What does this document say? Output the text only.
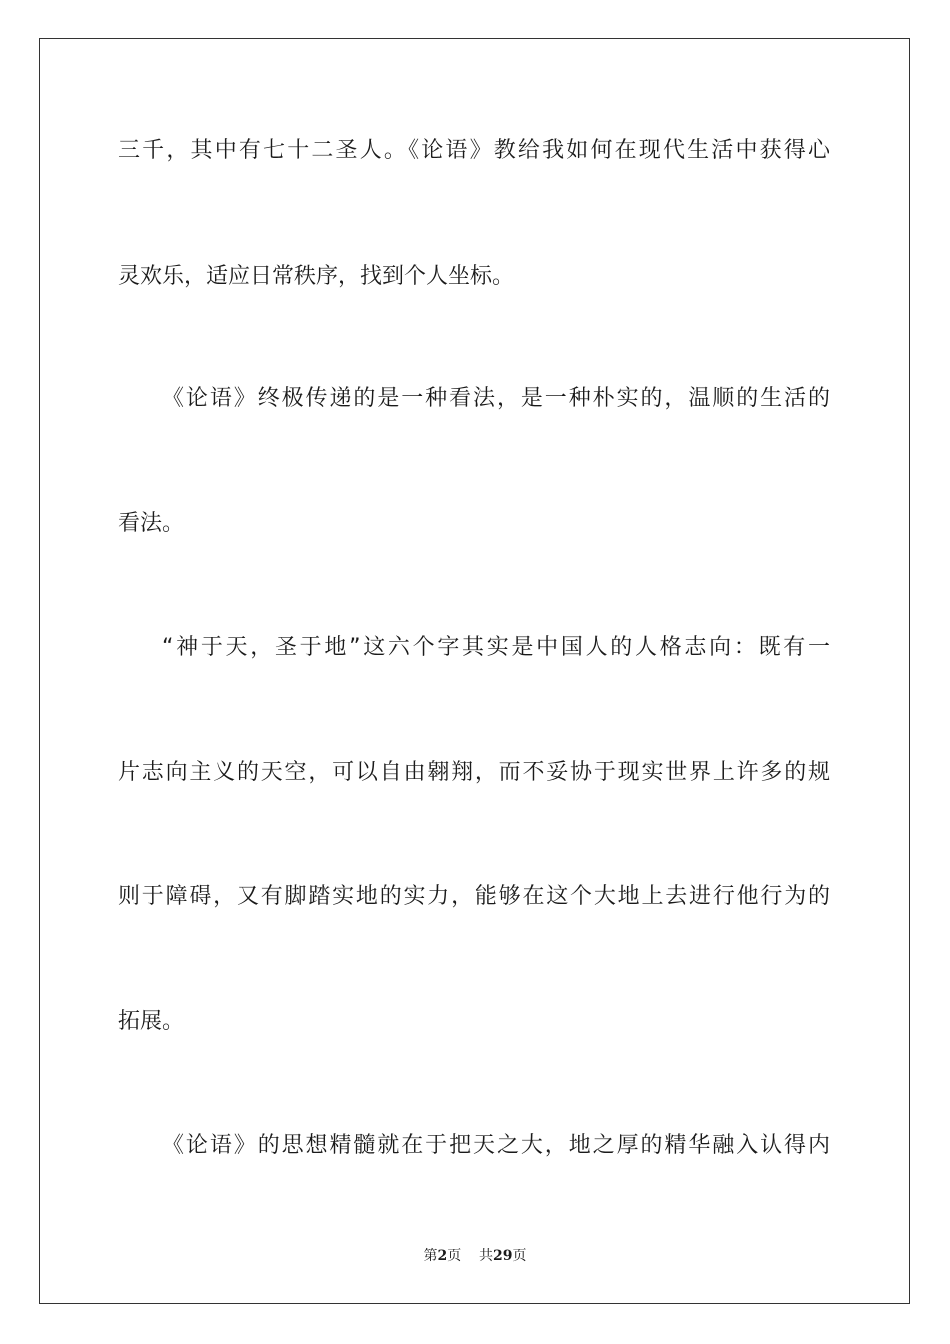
三千，其中有七十二圣人。《论语》教给我如何在现代生活中获得心

灵欢乐，适应日常秩序，找到个人坐标。

《论语》终极传递的是一种看法，是一种朴实的，温顺的生活的

看法。

“神于天，圣于地”这六个字其实是中国人的人格志向：既有一

片志向主义的天空，可以自由翱翔，而不妥协于现实世界上许多的规

则于障碍，又有脚踏实地的实力，能够在这个大地上去进行他行为的

拓展。

《论语》的思想精髓就在于把天之大，地之厚的精华融入认得内

第2页 共29页
